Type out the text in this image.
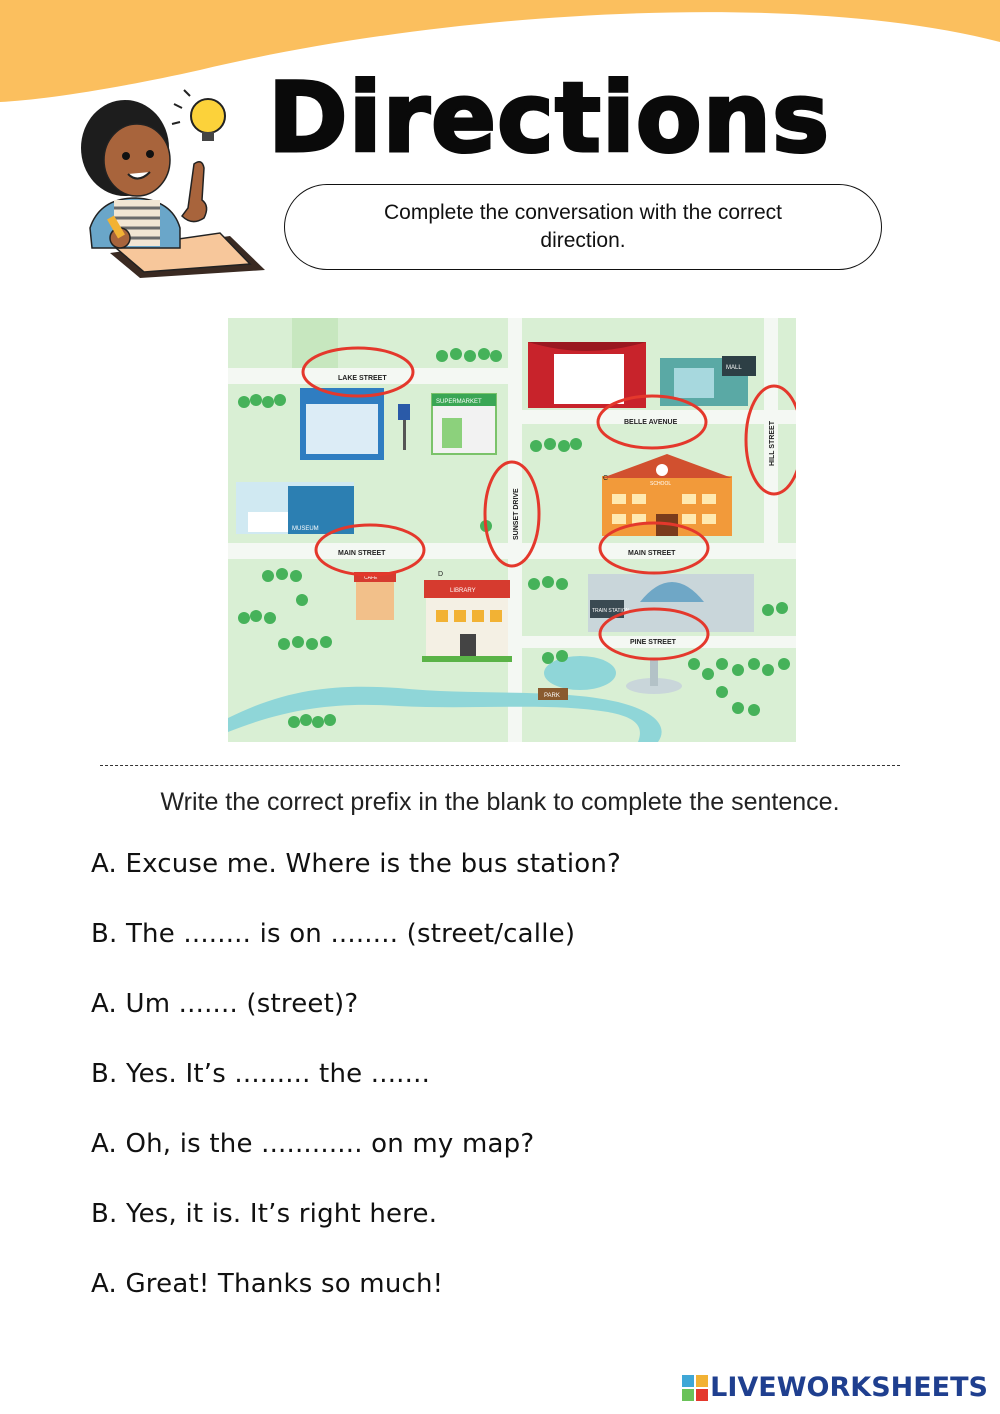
Directions
Complete the conversation with the correct direction.
LAKE STREET
BELLE AVENUE	HILL STREET
SUNSET DRIVE
MAIN STREET	MAIN STREET
PINE STREET
SUPERMARKET
MALL
MUSEUM
SCHOOL
LIBRARY
CAFE
TRAIN STATION
PARK
C
D
Write the correct prefix in the blank to complete the sentence.
A. Excuse me. Where is the bus station?
B. The ........ is on ........ (street/calle)
A. Um ....... (street)?
B. Yes. It’s ......... the .......
A. Oh, is the ............ on my map?
B. Yes, it is. It’s right here.
A. Great! Thanks so much!
LIVEWORKSHEETS
